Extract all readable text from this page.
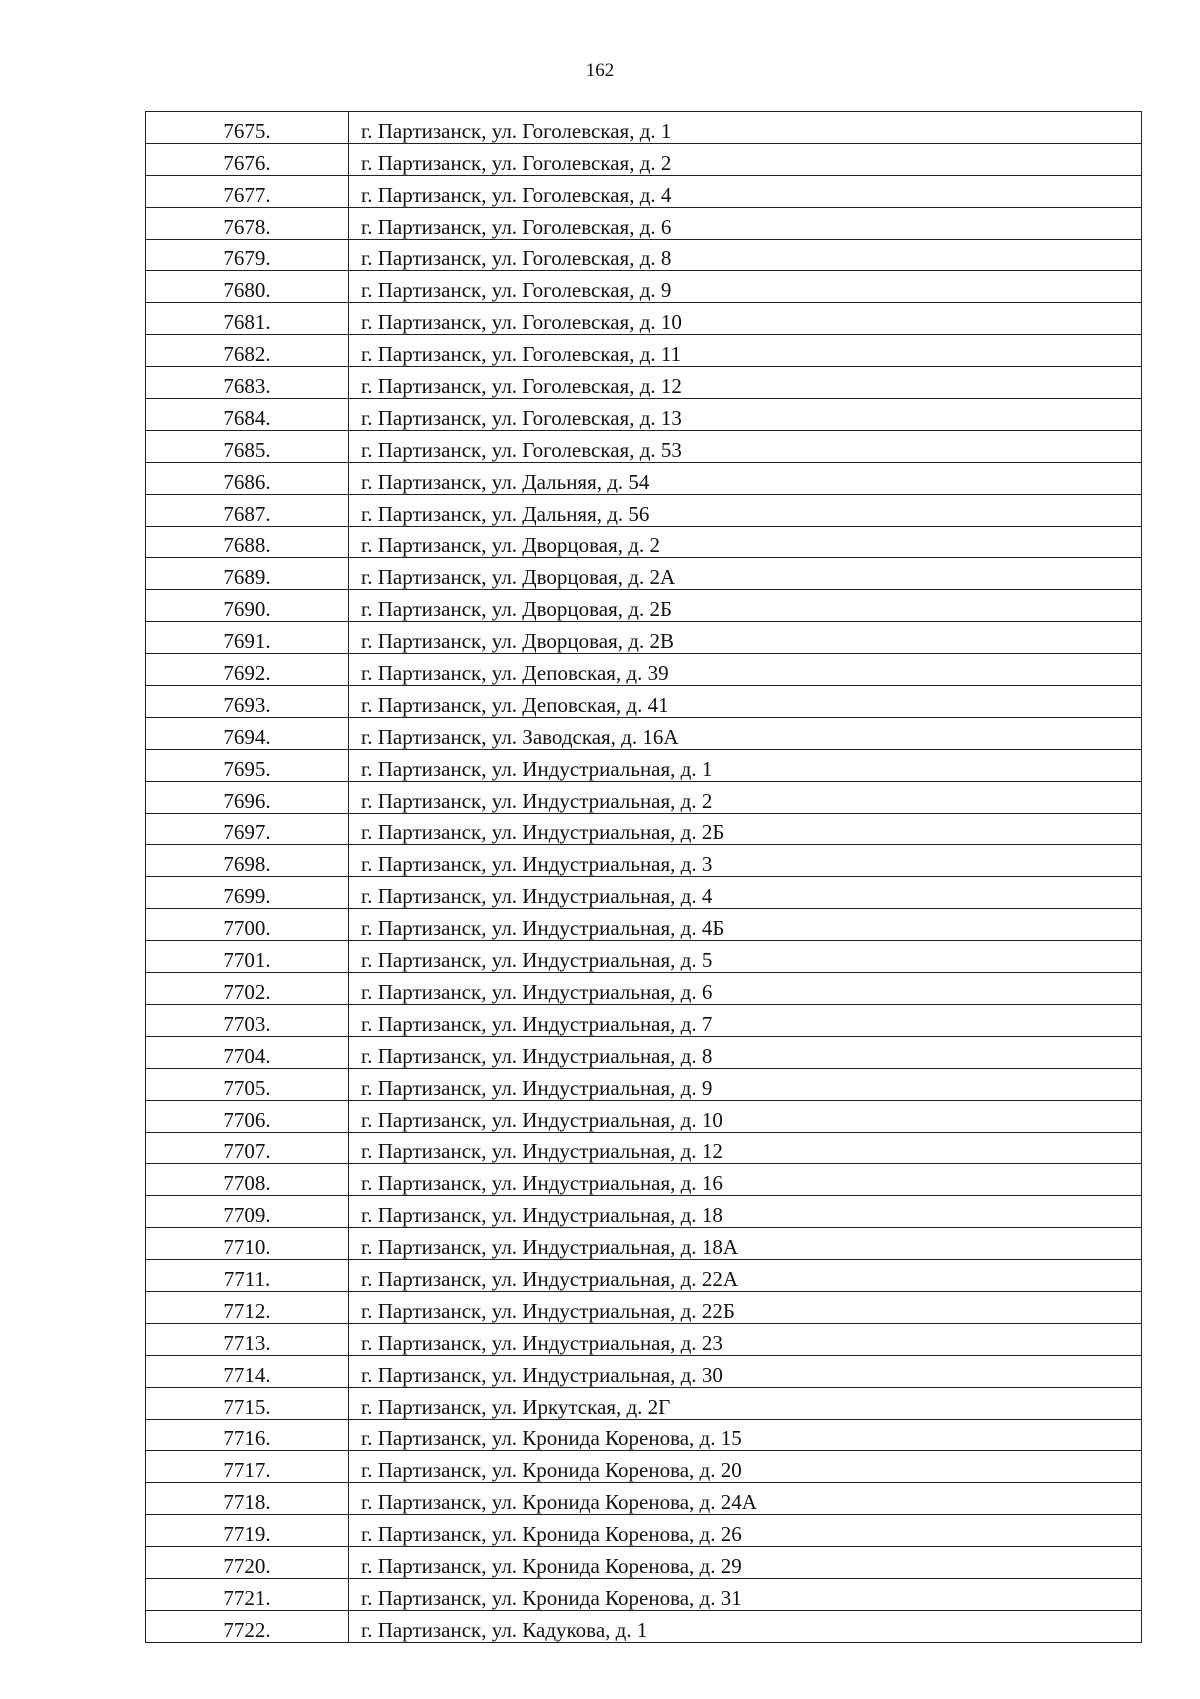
162
7675.	г. Партизанск, ул. Гоголевская, д. 1
7676.	г. Партизанск, ул. Гоголевская, д. 2
7677.	г. Партизанск, ул. Гоголевская, д. 4
7678.	г. Партизанск, ул. Гоголевская, д. 6
7679.	г. Партизанск, ул. Гоголевская, д. 8
7680.	г. Партизанск, ул. Гоголевская, д. 9
7681.	г. Партизанск, ул. Гоголевская, д. 10
7682.	г. Партизанск, ул. Гоголевская, д. 11
7683.	г. Партизанск, ул. Гоголевская, д. 12
7684.	г. Партизанск, ул. Гоголевская, д. 13
7685.	г. Партизанск, ул. Гоголевская, д. 53
7686.	г. Партизанск, ул. Дальняя, д. 54
7687.	г. Партизанск, ул. Дальняя, д. 56
7688.	г. Партизанск, ул. Дворцовая, д. 2
7689.	г. Партизанск, ул. Дворцовая, д. 2А
7690.	г. Партизанск, ул. Дворцовая, д. 2Б
7691.	г. Партизанск, ул. Дворцовая, д. 2В
7692.	г. Партизанск, ул. Деповская, д. 39
7693.	г. Партизанск, ул. Деповская, д. 41
7694.	г. Партизанск, ул. Заводская, д. 16А
7695.	г. Партизанск, ул. Индустриальная, д. 1
7696.	г. Партизанск, ул. Индустриальная, д. 2
7697.	г. Партизанск, ул. Индустриальная, д. 2Б
7698.	г. Партизанск, ул. Индустриальная, д. 3
7699.	г. Партизанск, ул. Индустриальная, д. 4
7700.	г. Партизанск, ул. Индустриальная, д. 4Б
7701.	г. Партизанск, ул. Индустриальная, д. 5
7702.	г. Партизанск, ул. Индустриальная, д. 6
7703.	г. Партизанск, ул. Индустриальная, д. 7
7704.	г. Партизанск, ул. Индустриальная, д. 8
7705.	г. Партизанск, ул. Индустриальная, д. 9
7706.	г. Партизанск, ул. Индустриальная, д. 10
7707.	г. Партизанск, ул. Индустриальная, д. 12
7708.	г. Партизанск, ул. Индустриальная, д. 16
7709.	г. Партизанск, ул. Индустриальная, д. 18
7710.	г. Партизанск, ул. Индустриальная, д. 18А
7711.	г. Партизанск, ул. Индустриальная, д. 22А
7712.	г. Партизанск, ул. Индустриальная, д. 22Б
7713.	г. Партизанск, ул. Индустриальная, д. 23
7714.	г. Партизанск, ул. Индустриальная, д. 30
7715.	г. Партизанск, ул. Иркутская, д. 2Г
7716.	г. Партизанск, ул. Кронида Коренова, д. 15
7717.	г. Партизанск, ул. Кронида Коренова, д. 20
7718.	г. Партизанск, ул. Кронида Коренова, д. 24А
7719.	г. Партизанск, ул. Кронида Коренова, д. 26
7720.	г. Партизанск, ул. Кронида Коренова, д. 29
7721.	г. Партизанск, ул. Кронида Коренова, д. 31
7722.	г. Партизанск, ул. Кадукова, д. 1
